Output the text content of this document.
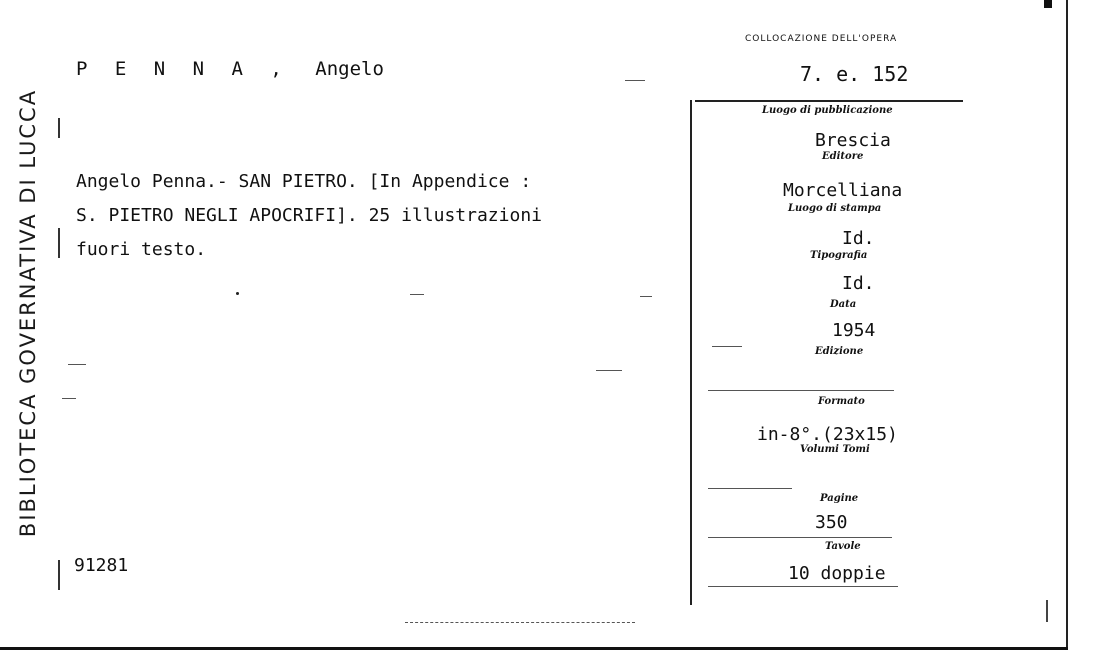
BIBLIOTECA GOVERNATIVA DI LUCCA
P E N N A , Angelo
Angelo Penna.- SAN PIETRO. [In Appendice :
S. PIETRO NEGLI APOCRIFI]. 25 illustrazioni
fuori testo.
91281
COLLOCAZIONE DELL'OPERA
7. e. 152
Luogo di pubblicazione
Brescia
Editore
Morcelliana
Luogo di stampa
Id.
Tipografia
Id.
Data
1954
Edizione
Formato
in-8°.(23x15)
Volumi Tomi
Pagine
350
Tavole
10 doppie
